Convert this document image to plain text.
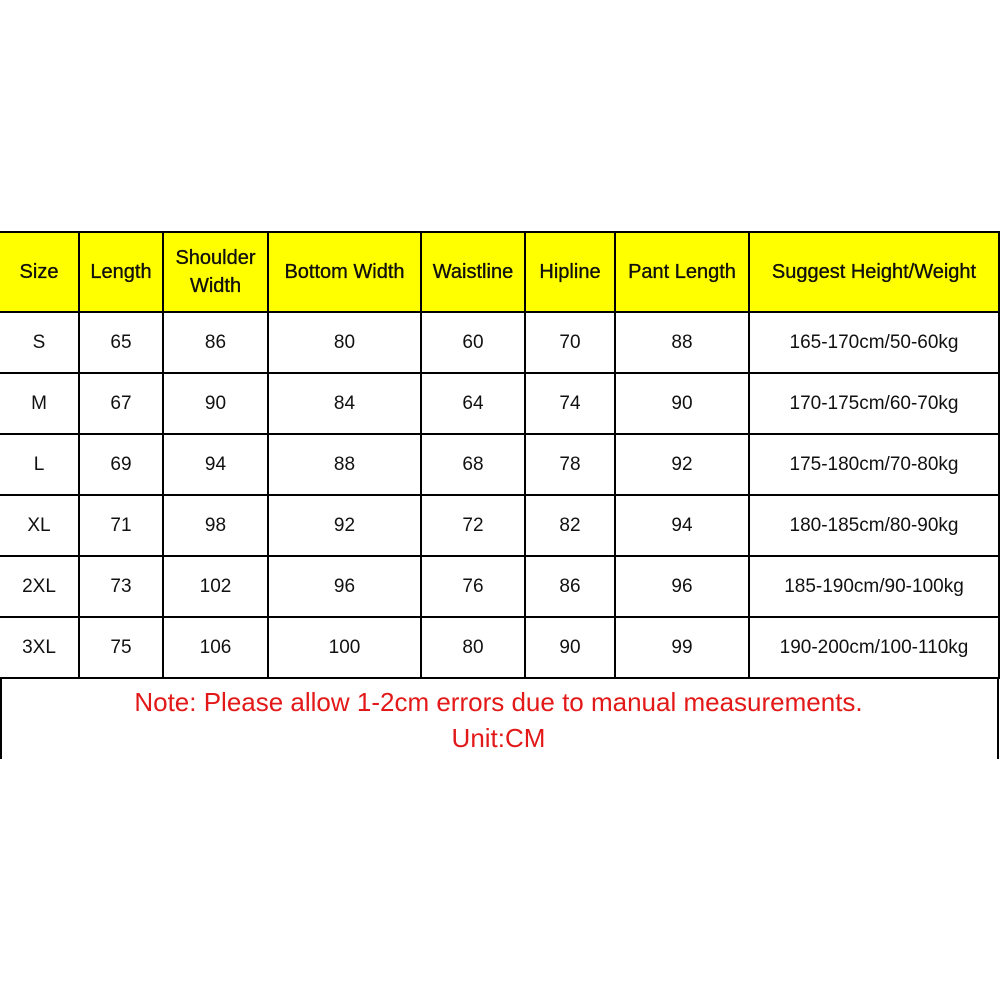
Size	Length	Shoulder Width	Bottom Width	Waistline	Hipline	Pant Length	Suggest Height/Weight
S	65	86	80	60	70	88	165-170cm/50-60kg
M	67	90	84	64	74	90	170-175cm/60-70kg
L	69	94	88	68	78	92	175-180cm/70-80kg
XL	71	98	92	72	82	94	180-185cm/80-90kg
2XL	73	102	96	76	86	96	185-190cm/90-100kg
3XL	75	106	100	80	90	99	190-200cm/100-110kg
Note: Please allow 1-2cm errors due to manual measurements.
Unit:CM
